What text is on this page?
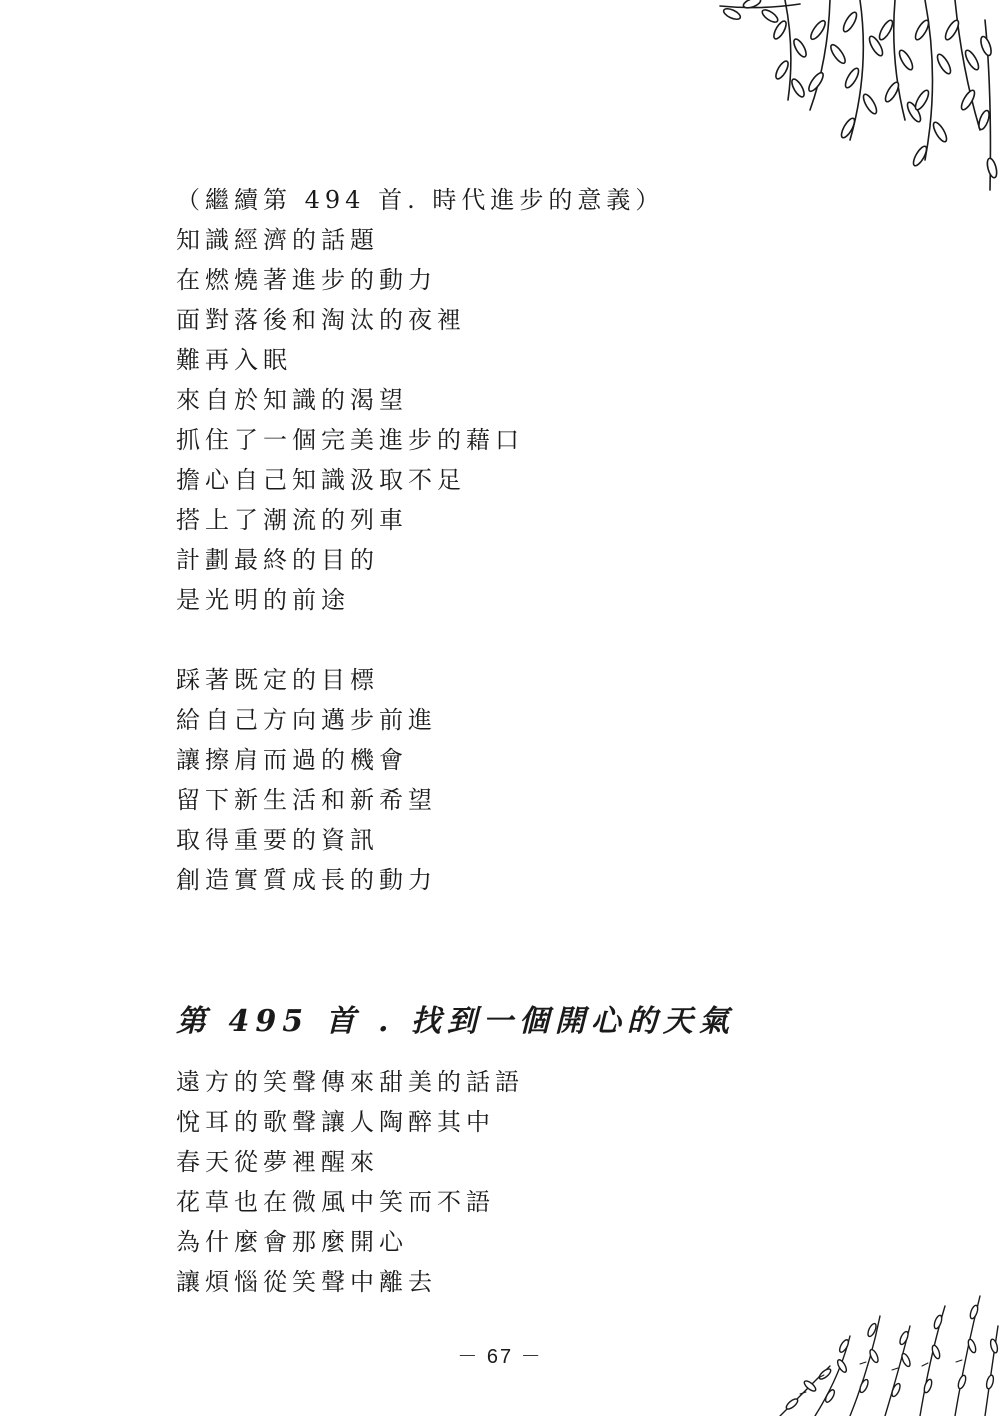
（繼續第 494 首. 時代進步的意義）
知識經濟的話題
在燃燒著進步的動力
面對落後和淘汰的夜裡
難再入眠
來自於知識的渴望
抓住了一個完美進步的藉口
擔心自己知識汲取不足
搭上了潮流的列車
計劃最終的目的
是光明的前途
踩著既定的目標
給自己方向邁步前進
讓擦肩而過的機會
留下新生活和新希望
取得重要的資訊
創造實質成長的動力
第 495 首 . 找到一個開心的天氣
遠方的笑聲傳來甜美的話語
悅耳的歌聲讓人陶醉其中
春天從夢裡醒來
花草也在微風中笑而不語
為什麼會那麼開心
讓煩惱從笑聲中離去
－ 67 －
